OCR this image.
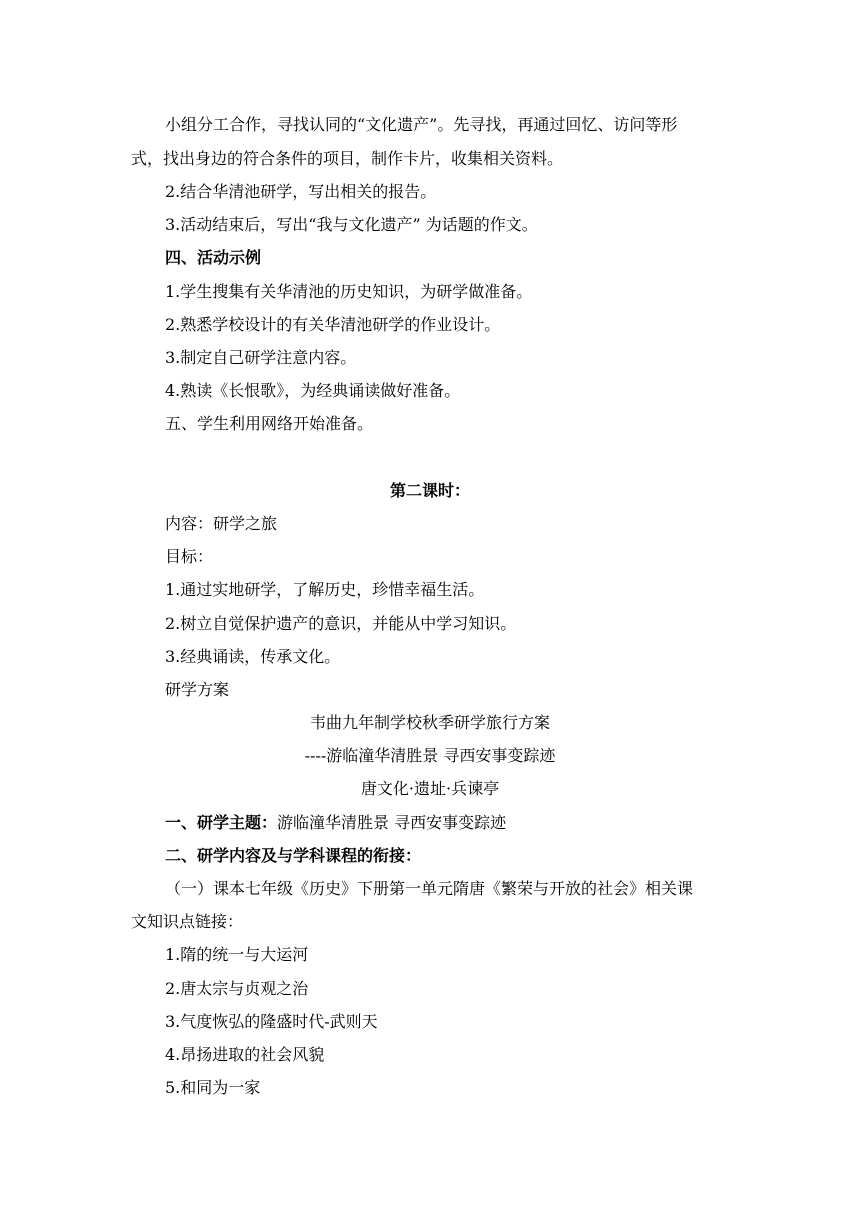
小组分工合作，寻找认同的“文化遗产”。先寻找，再通过回忆、访问等形

式，找出身边的符合条件的项目，制作卡片，收集相关资料。

2.结合华清池研学，写出相关的报告。

3.活动结束后，写出“我与文化遗产” 为话题的作文。

四、活动示例

1.学生搜集有关华清池的历史知识，为研学做准备。

2.熟悉学校设计的有关华清池研学的作业设计。

3.制定自己研学注意内容。

4.熟读《长恨歌》，为经典诵读做好准备。

五、学生利用网络开始准备。

第二课时：

内容：研学之旅

目标：

1.通过实地研学，了解历史，珍惜幸福生活。

2.树立自觉保护遗产的意识，并能从中学习知识。

3.经典诵读，传承文化。

研学方案

韦曲九年制学校秋季研学旅行方案

----游临潼华清胜景 寻西安事变踪迹

唐文化·遗址·兵谏亭

一、研学主题：游临潼华清胜景 寻西安事变踪迹

二、研学内容及与学科课程的衔接：

（一）课本七年级《历史》下册第一单元隋唐《繁荣与开放的社会》相关课

文知识点链接：

1.隋的统一与大运河

2.唐太宗与贞观之治

3.气度恢弘的隆盛时代-武则天

4.昂扬进取的社会风貌

5.和同为一家
